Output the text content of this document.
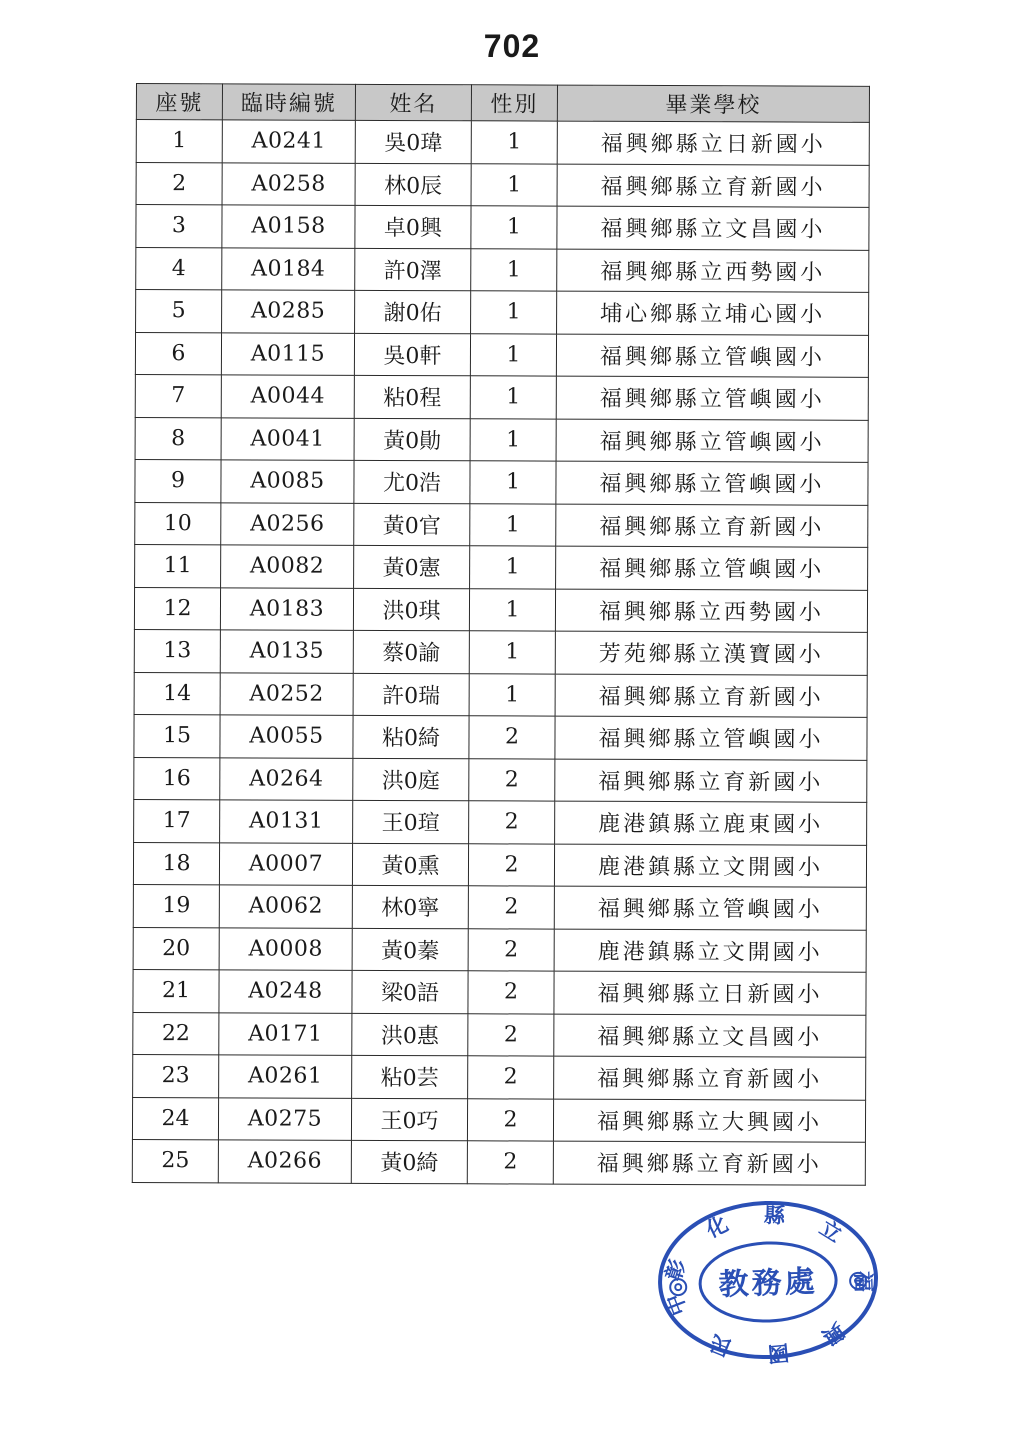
702
座號	臨時編號	姓名	性別	畢業學校
1	A0241	吳0瑋	1	福興鄉縣立日新國小
2	A0258	林0辰	1	福興鄉縣立育新國小
3	A0158	卓0興	1	福興鄉縣立文昌國小
4	A0184	許0澤	1	福興鄉縣立西勢國小
5	A0285	謝0佑	1	埔心鄉縣立埔心國小
6	A0115	吳0軒	1	福興鄉縣立管嶼國小
7	A0044	粘0程	1	福興鄉縣立管嶼國小
8	A0041	黃0勛	1	福興鄉縣立管嶼國小
9	A0085	尤0浩	1	福興鄉縣立管嶼國小
10	A0256	黃0官	1	福興鄉縣立育新國小
11	A0082	黃0憲	1	福興鄉縣立管嶼國小
12	A0183	洪0琪	1	福興鄉縣立西勢國小
13	A0135	蔡0諭	1	芳苑鄉縣立漢寶國小
14	A0252	許0瑞	1	福興鄉縣立育新國小
15	A0055	粘0綺	2	福興鄉縣立管嶼國小
16	A0264	洪0庭	2	福興鄉縣立育新國小
17	A0131	王0瑄	2	鹿港鎮縣立鹿東國小
18	A0007	黃0熏	2	鹿港鎮縣立文開國小
19	A0062	林0寧	2	福興鄉縣立管嶼國小
20	A0008	黃0蓁	2	鹿港鎮縣立文開國小
21	A0248	梁0語	2	福興鄉縣立日新國小
22	A0171	洪0惠	2	福興鄉縣立文昌國小
23	A0261	粘0芸	2	福興鄉縣立育新國小
24	A0275	王0巧	2	福興鄉縣立大興國小
25	A0266	黃0綺	2	福興鄉縣立育新國小
彰化縣立福興國民中學
教務處
